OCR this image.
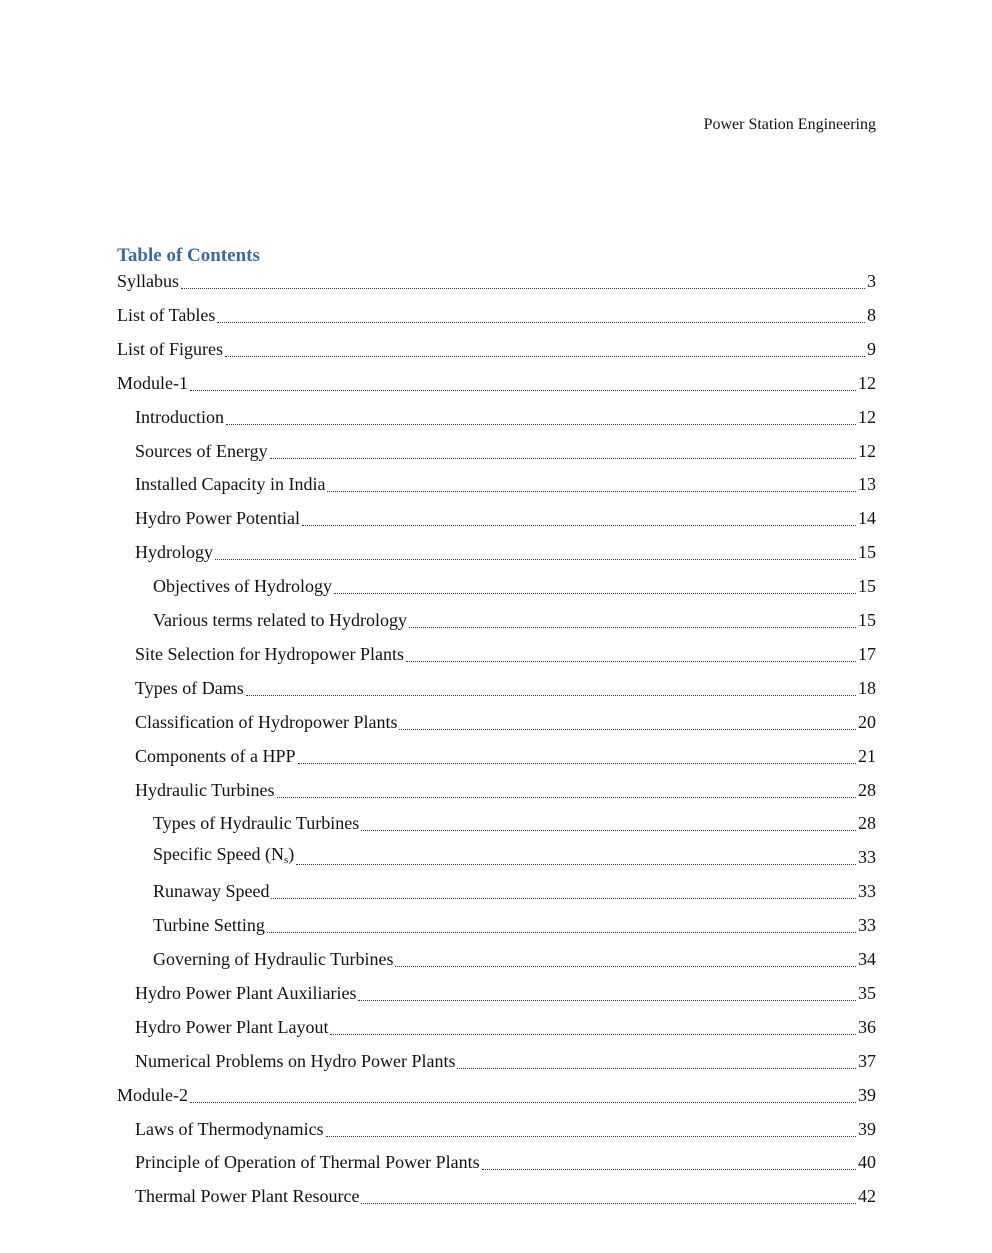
Power Station Engineering
Table of Contents
Syllabus	3
List of Tables	8
List of Figures	9
Module-1	12
Introduction	12
Sources of Energy	12
Installed Capacity in India	13
Hydro Power Potential	14
Hydrology	15
Objectives of Hydrology	15
Various terms related to Hydrology	15
Site Selection for Hydropower Plants	17
Types of Dams	18
Classification of Hydropower Plants	20
Components of a HPP	21
Hydraulic Turbines	28
Types of Hydraulic Turbines	28
Specific Speed $(N_s)$	33
Runaway Speed	33
Turbine Setting	33
Governing of Hydraulic Turbines	34
Hydro Power Plant Auxiliaries	35
Hydro Power Plant Layout	36
Numerical Problems on Hydro Power Plants	37
Module-2	39
Laws of Thermodynamics	39
Principle of Operation of Thermal Power Plants	40
Thermal Power Plant Resource	42
